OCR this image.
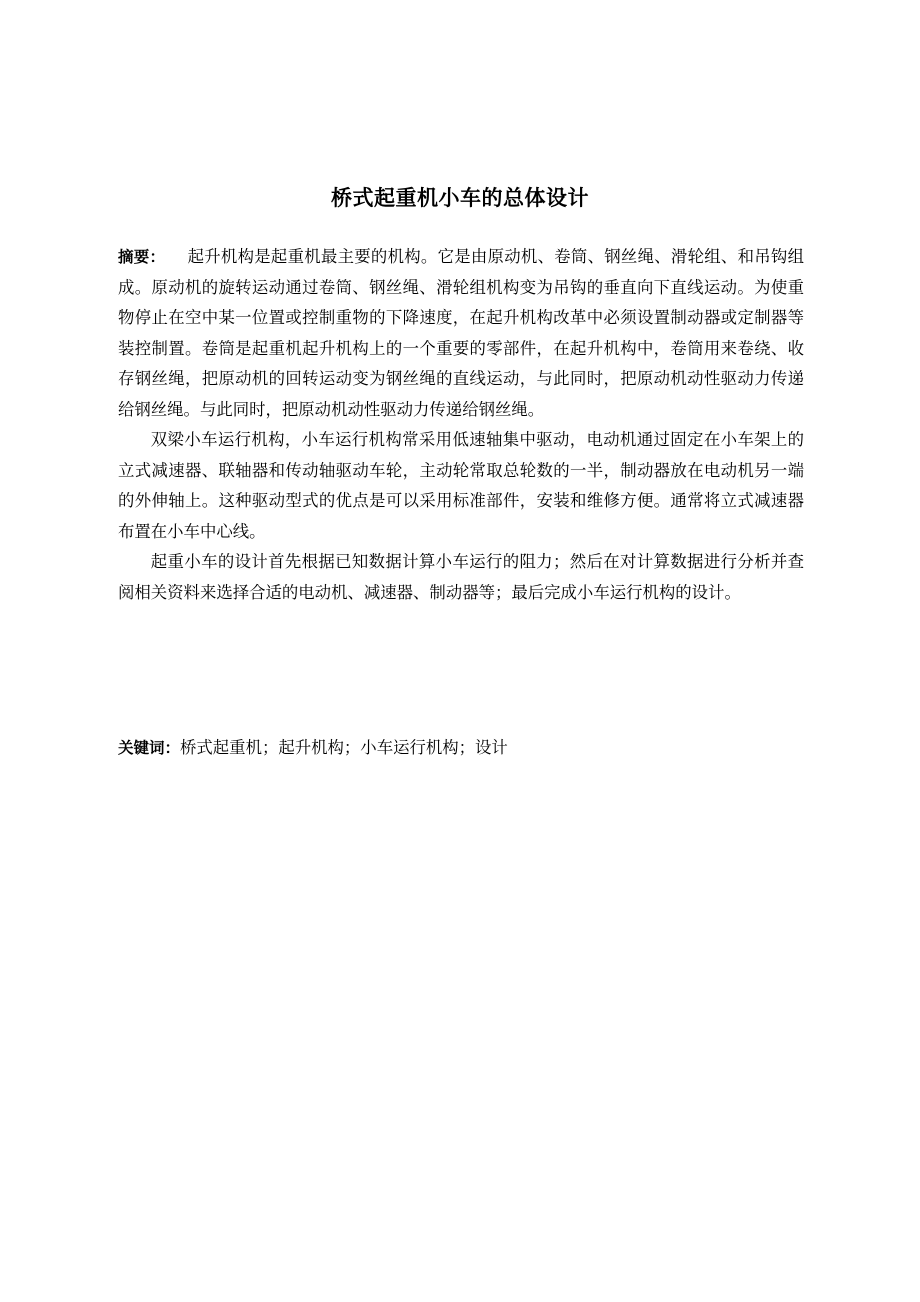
桥式起重机小车的总体设计

摘要： 起升机构是起重机最主要的机构。它是由原动机、卷筒、钢丝绳、滑轮组、和吊钩组成。原动机的旋转运动通过卷筒、钢丝绳、滑轮组机构变为吊钩的垂直向下直线运动。为使重物停止在空中某一位置或控制重物的下降速度，在起升机构改革中必须设置制动器或定制器等装控制置。卷筒是起重机起升机构上的一个重要的零部件，在起升机构中，卷筒用来卷绕、收存钢丝绳，把原动机的回转运动变为钢丝绳的直线运动，与此同时，把原动机动性驱动力传递给钢丝绳。与此同时，把原动机动性驱动力传递给钢丝绳。

双梁小车运行机构，小车运行机构常采用低速轴集中驱动，电动机通过固定在小车架上的立式减速器、联轴器和传动轴驱动车轮，主动轮常取总轮数的一半，制动器放在电动机另一端的外伸轴上。这种驱动型式的优点是可以采用标准部件，安装和维修方便。通常将立式减速器布置在小车中心线。

起重小车的设计首先根据已知数据计算小车运行的阻力；然后在对计算数据进行分析并查阅相关资料来选择合适的电动机、减速器、制动器等；最后完成小车运行机构的设计。

关键词：桥式起重机；起升机构；小车运行机构；设计
